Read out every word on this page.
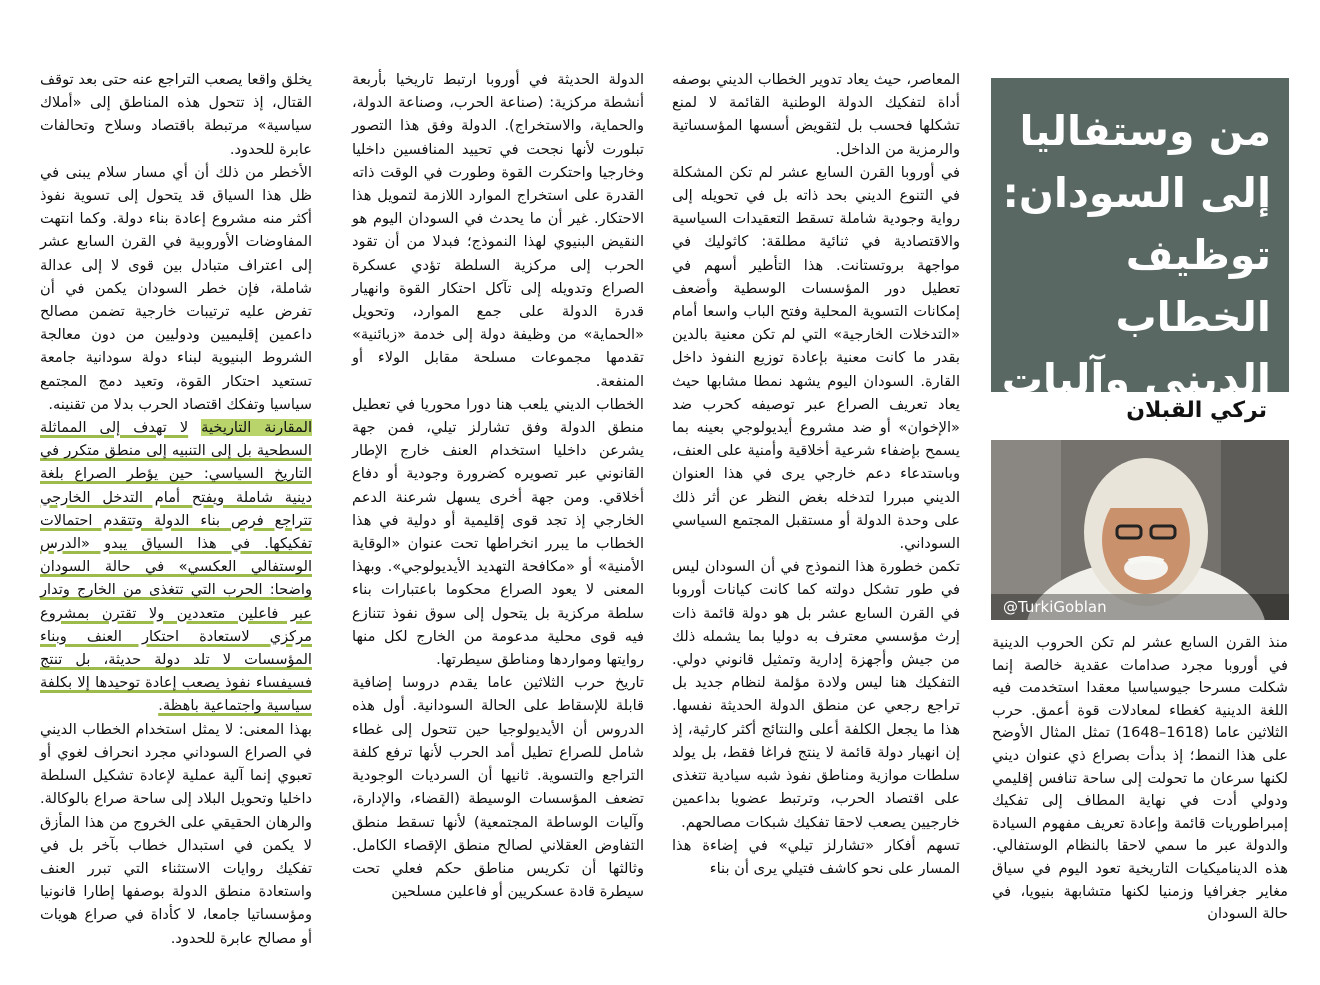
يخلق واقعا يصعب التراجع عنه حتى بعد توقف القتال، إذ تتحول هذه المناطق إلى «أملاك سياسية» مرتبطة باقتصاد وسلاح وتحالفات عابرة للحدود.

الأخطر من ذلك أن أي مسار سلام يبنى في ظل هذا السياق قد يتحول إلى تسوية نفوذ أكثر منه مشروع إعادة بناء دولة. وكما انتهت المفاوضات الأوروبية في القرن السابع عشر إلى اعتراف متبادل بين قوى لا إلى عدالة شاملة، فإن خطر السودان يكمن في أن تفرض عليه ترتيبات خارجية تضمن مصالح داعمين إقليميين ودوليين من دون معالجة الشروط البنيوية لبناء دولة سودانية جامعة تستعيد احتكار القوة، وتعيد دمج المجتمع سياسيا وتفكك اقتصاد الحرب بدلا من تقنينه.

المقارنة التاريخية لا تهدف إلى المماثلة السطحية بل إلى التنبيه إلى منطق متكرر في التاريخ السياسي: حين يؤطر الصراع بلغة دينية شاملة ويفتح أمام التدخل الخارجي تتراجع فرص بناء الدولة وتتقدم احتمالات تفكيكها. في هذا السياق يبدو «الدرس الوستفالي العكسي» في حالة السودان واضحا: الحرب التي تتغذى من الخارج وتدار عبر فاعلين متعددين ولا تقترن بمشروع مركزي لاستعادة احتكار العنف وبناء المؤسسات لا تلد دولة حديثة، بل تنتج فسيفساء نفوذ يصعب إعادة توحيدها إلا بكلفة سياسية واجتماعية باهظة.

بهذا المعنى: لا يمثل استخدام الخطاب الديني في الصراع السوداني مجرد انحراف لغوي أو تعبوي إنما آلية عملية لإعادة تشكيل السلطة داخليا وتحويل البلاد إلى ساحة صراع بالوكالة. والرهان الحقيقي على الخروج من هذا المأزق لا يكمن في استبدال خطاب بآخر بل في تفكيك روايات الاستثناء التي تبرر العنف واستعادة منطق الدولة بوصفها إطارا قانونيا ومؤسساتيا جامعا، لا كأداة في صراع هويات أو مصالح عابرة للحدود.

الدولة الحديثة في أوروبا ارتبط تاريخيا بأربعة أنشطة مركزية: (صناعة الحرب، وصناعة الدولة، والحماية، والاستخراج). الدولة وفق هذا التصور تبلورت لأنها نجحت في تحييد المنافسين داخليا وخارجيا واحتكرت القوة وطورت في الوقت ذاته القدرة على استخراج الموارد اللازمة لتمويل هذا الاحتكار. غير أن ما يحدث في السودان اليوم هو النقيض البنيوي لهذا النموذج؛ فبدلا من أن تقود الحرب إلى مركزية السلطة تؤدي عسكرة الصراع وتدويله إلى تآكل احتكار القوة وانهيار قدرة الدولة على جمع الموارد، وتحويل «الحماية» من وظيفة دولة إلى خدمة «زبائنية» تقدمها مجموعات مسلحة مقابل الولاء أو المنفعة.

الخطاب الديني يلعب هنا دورا محوريا في تعطيل منطق الدولة وفق تشارلز تيلي، فمن جهة يشرعن داخليا استخدام العنف خارج الإطار القانوني عبر تصويره كضرورة وجودية أو دفاع أخلاقي. ومن جهة أخرى يسهل شرعنة الدعم الخارجي إذ تجد قوى إقليمية أو دولية في هذا الخطاب ما يبرر انخراطها تحت عنوان «الوقاية الأمنية» أو «مكافحة التهديد الأيديولوجي». وبهذا المعنى لا يعود الصراع محكوما باعتبارات بناء سلطة مركزية بل يتحول إلى سوق نفوذ تتنازع فيه قوى محلية مدعومة من الخارج لكل منها روايتها ومواردها ومناطق سيطرتها.

تاريخ حرب الثلاثين عاما يقدم دروسا إضافية قابلة للإسقاط على الحالة السودانية. أول هذه الدروس أن الأيديولوجيا حين تتحول إلى غطاء شامل للصراع تطيل أمد الحرب لأنها ترفع كلفة التراجع والتسوية. ثانيها أن السرديات الوجودية تضعف المؤسسات الوسيطة (القضاء، والإدارة، وآليات الوساطة المجتمعية) لأنها تسقط منطق التفاوض العقلاني لصالح منطق الإقصاء الكامل. وثالثها أن تكريس مناطق حكم فعلي تحت سيطرة قادة عسكريين أو فاعلين مسلحين

المعاصر، حيث يعاد تدوير الخطاب الديني بوصفه أداة لتفكيك الدولة الوطنية القائمة لا لمنع تشكلها فحسب بل لتقويض أسسها المؤسساتية والرمزية من الداخل.

في أوروبا القرن السابع عشر لم تكن المشكلة في التنوع الديني بحد ذاته بل في تحويله إلى رواية وجودية شاملة تسقط التعقيدات السياسية والاقتصادية في ثنائية مطلقة: كاثوليك في مواجهة بروتستانت. هذا التأطير أسهم في تعطيل دور المؤسسات الوسطية وأضعف إمكانات التسوية المحلية وفتح الباب واسعا أمام «التدخلات الخارجية» التي لم تكن معنية بالدين بقدر ما كانت معنية بإعادة توزيع النفوذ داخل القارة. السودان اليوم يشهد نمطا مشابها حيث يعاد تعريف الصراع عبر توصيفه كحرب ضد «الإخوان» أو ضد مشروع أيديولوجي بعينه بما يسمح بإضفاء شرعية أخلاقية وأمنية على العنف، وباستدعاء دعم خارجي يرى في هذا العنوان الديني مبررا لتدخله بغض النظر عن أثر ذلك على وحدة الدولة أو مستقبل المجتمع السياسي السوداني.

تكمن خطورة هذا النموذج في أن السودان ليس في طور تشكل دولته كما كانت كيانات أوروبا في القرن السابع عشر بل هو دولة قائمة ذات إرث مؤسسي معترف به دوليا بما يشمله ذلك من جيش وأجهزة إدارية وتمثيل قانوني دولي. التفكيك هنا ليس ولادة مؤلمة لنظام جديد بل تراجع رجعي عن منطق الدولة الحديثة نفسها. هذا ما يجعل الكلفة أعلى والنتائج أكثر كارثية، إذ إن انهيار دولة قائمة لا ينتج فراغا فقط، بل يولد سلطات موازية ومناطق نفوذ شبه سيادية تتغذى على اقتصاد الحرب، وترتبط عضويا بداعمين خارجيين يصعب لاحقا تفكيك شبكات مصالحهم.

تسهم أفكار «تشارلز تيلي» في إضاءة هذا المسار على نحو كاشف فتيلي يرى أن بناء

من وستفاليا إلى السودان: توظيف الخطاب الديني وآليات
تركي القبلان
@TurkiGoblan

منذ القرن السابع عشر لم تكن الحروب الدينية في أوروبا مجرد صدامات عقدية خالصة إنما شكلت مسرحا جيوسياسيا معقدا استخدمت فيه اللغة الدينية كغطاء لمعادلات قوة أعمق. حرب الثلاثين عاما (1618–1648) تمثل المثال الأوضح على هذا النمط؛ إذ بدأت بصراع ذي عنوان ديني لكنها سرعان ما تحولت إلى ساحة تنافس إقليمي ودولي أدت في نهاية المطاف إلى تفكيك إمبراطوريات قائمة وإعادة تعريف مفهوم السيادة والدولة عبر ما سمي لاحقا بالنظام الوستفالي. هذه الديناميكيات التاريخية تعود اليوم في سياق مغاير جغرافيا وزمنيا لكنها متشابهة بنيويا، في حالة السودان
